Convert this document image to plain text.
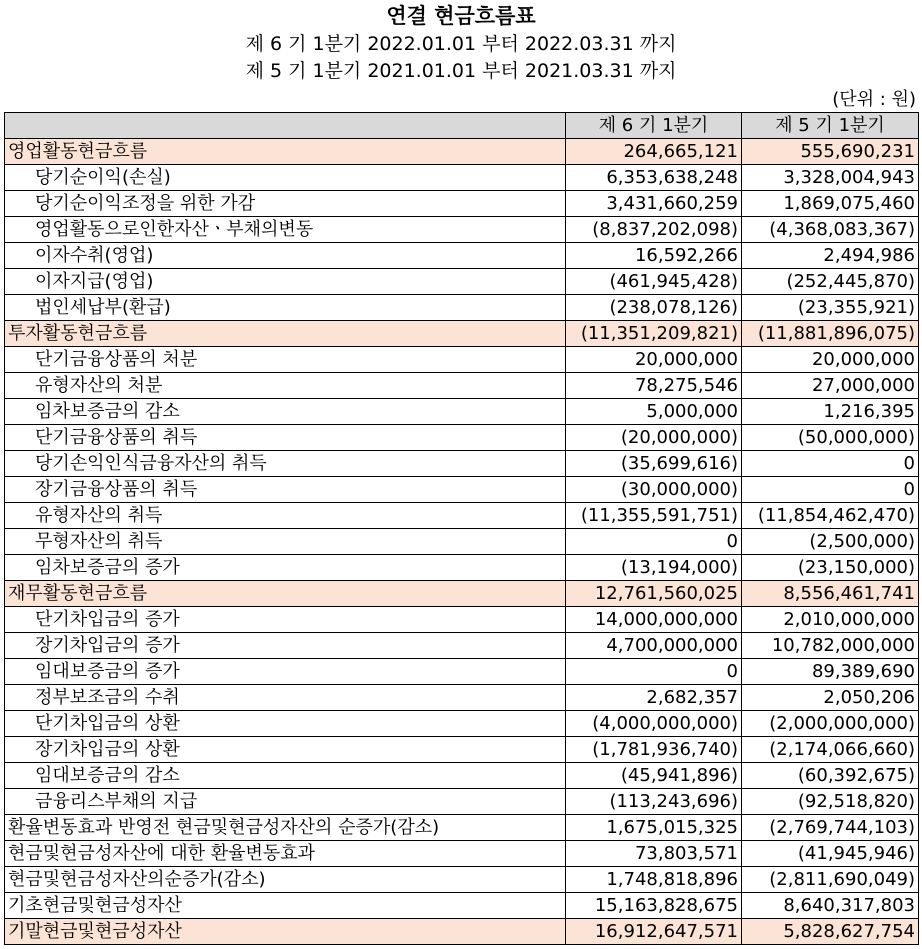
연결 현금흐름표
제 6 기 1분기 2022.01.01 부터 2022.03.31 까지
제 5 기 1분기 2021.01.01 부터 2021.03.31 까지
(단위 : 원)
	제 6 기 1분기	제 5 기 1분기
영업활동현금흐름	264,665,121	555,690,231
당기순이익(손실)	6,353,638,248	3,328,004,943
당기순이익조정을 위한 가감	3,431,660,259	1,869,075,460
영업활동으로인한자산ㆍ부채의변동	(8,837,202,098)	(4,368,083,367)
이자수취(영업)	16,592,266	2,494,986
이자지급(영업)	(461,945,428)	(252,445,870)
법인세납부(환급)	(238,078,126)	(23,355,921)
투자활동현금흐름	(11,351,209,821)	(11,881,896,075)
단기금융상품의 처분	20,000,000	20,000,000
유형자산의 처분	78,275,546	27,000,000
임차보증금의 감소	5,000,000	1,216,395
단기금융상품의 취득	(20,000,000)	(50,000,000)
당기손익인식금융자산의 취득	(35,699,616)	0
장기금융상품의 취득	(30,000,000)	0
유형자산의 취득	(11,355,591,751)	(11,854,462,470)
무형자산의 취득	0	(2,500,000)
임차보증금의 증가	(13,194,000)	(23,150,000)
재무활동현금흐름	12,761,560,025	8,556,461,741
단기차입금의 증가	14,000,000,000	2,010,000,000
장기차입금의 증가	4,700,000,000	10,782,000,000
임대보증금의 증가	0	89,389,690
정부보조금의 수취	2,682,357	2,050,206
단기차입금의 상환	(4,000,000,000)	(2,000,000,000)
장기차입금의 상환	(1,781,936,740)	(2,174,066,660)
임대보증금의 감소	(45,941,896)	(60,392,675)
금융리스부채의 지급	(113,243,696)	(92,518,820)
환율변동효과 반영전 현금및현금성자산의 순증가(감소)	1,675,015,325	(2,769,744,103)
현금및현금성자산에 대한 환율변동효과	73,803,571	(41,945,946)
현금및현금성자산의순증가(감소)	1,748,818,896	(2,811,690,049)
기초현금및현금성자산	15,163,828,675	8,640,317,803
기말현금및현금성자산	16,912,647,571	5,828,627,754
